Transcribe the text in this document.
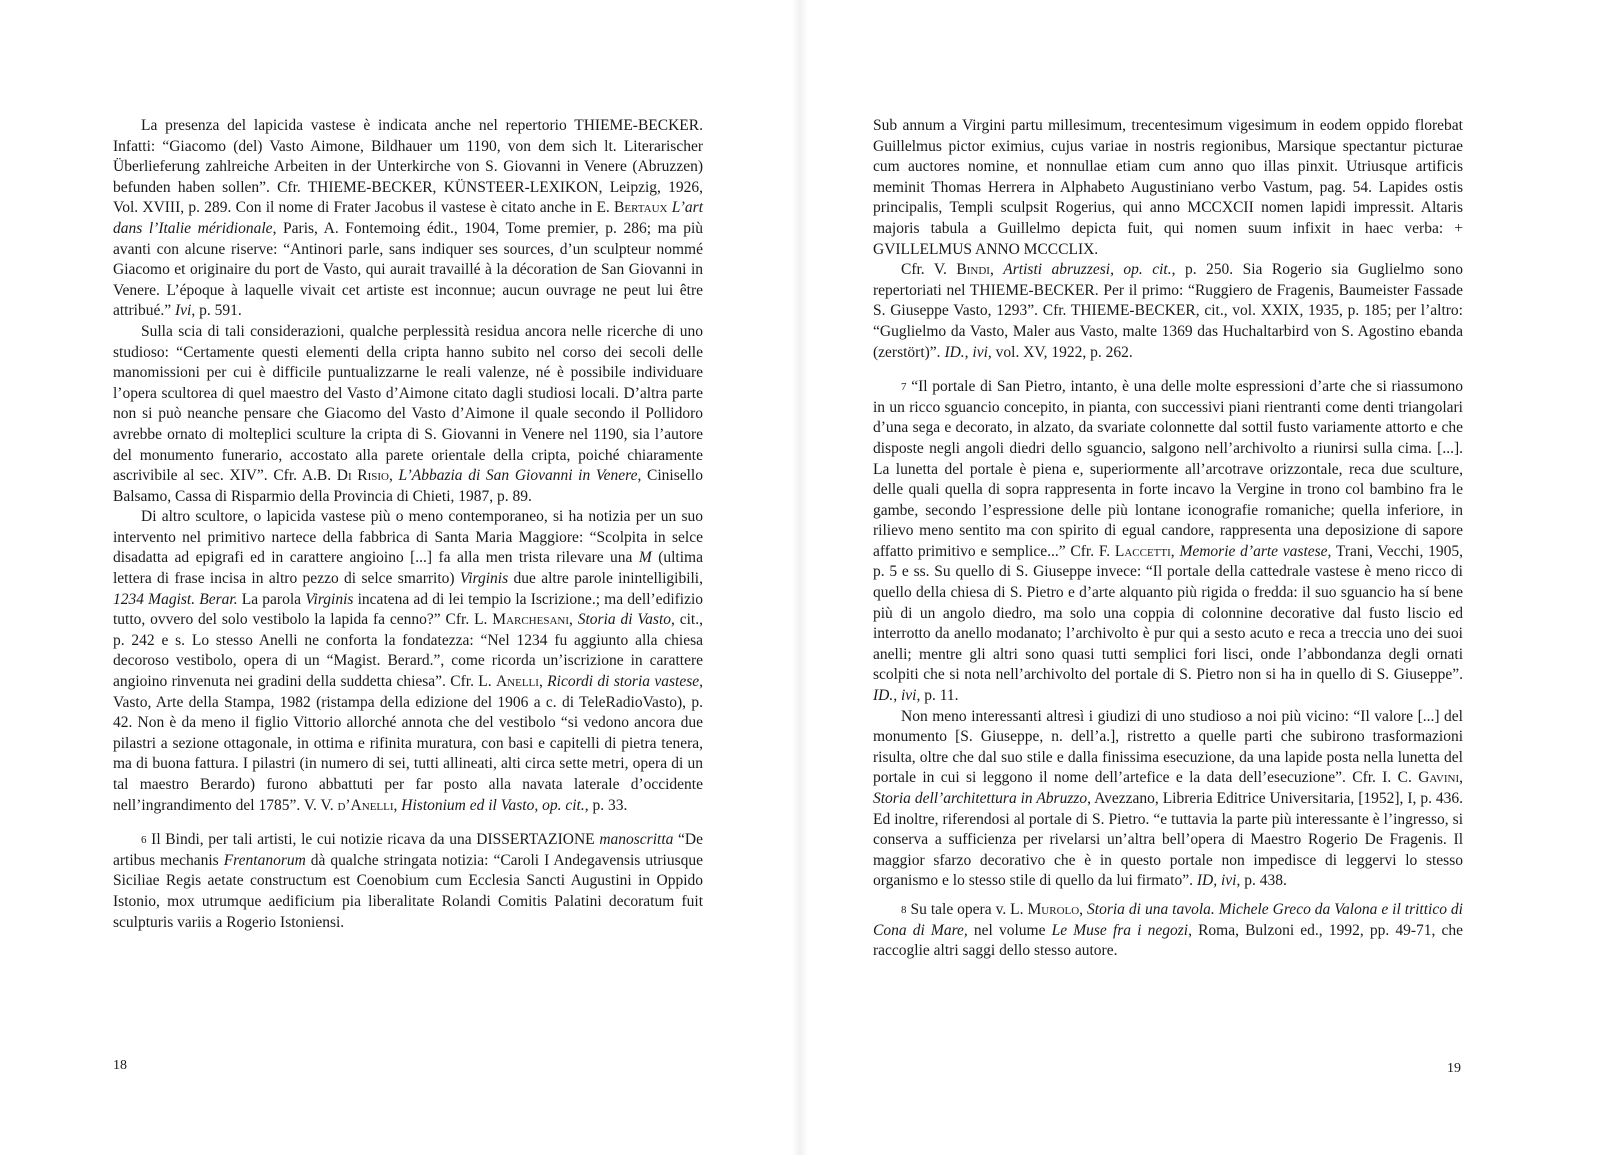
La presenza del lapicida vastese è indicata anche nel repertorio THIEME-BECKER. Infatti: “Giacomo (del) Vasto Aimone, Bildhauer um 1190, von dem sich lt. Literarischer Überlieferung zahlreiche Arbeiten in der Unterkirche von S. Giovanni in Venere (Abruzzen) befunden haben sollen”. Cfr. THIEME-BECKER, KÜNSTEER-LEXIKON, Leipzig, 1926, Vol. XVIII, p. 289. Con il nome di Frater Jacobus il vastese è citato anche in E. Bertaux L’art dans l’Italie méridionale, Paris, A. Fontemoing édit., 1904, Tome premier, p. 286; ma più avanti con alcune riserve: “Antinori parle, sans indiquer ses sources, d’un sculpteur nommé Giacomo et originaire du port de Vasto, qui aurait travaillé à la décoration de San Giovanni in Venere. L’époque à laquelle vivait cet artiste est inconnue; aucun ouvrage ne peut lui être attribué.” Ivi, p. 591.

Sulla scia di tali considerazioni, qualche perplessità residua ancora nelle ricerche di uno studioso: “Certamente questi elementi della cripta hanno subito nel corso dei secoli delle manomissioni per cui è difficile puntualizzarne le reali valenze, né è possibile individuare l’opera scultorea di quel maestro del Vasto d’Aimone citato dagli studiosi locali. D’altra parte non si può neanche pensare che Giacomo del Vasto d’Aimone il quale secondo il Pollidoro avrebbe ornato di molteplici sculture la cripta di S. Giovanni in Venere nel 1190, sia l’autore del monumento funerario, accostato alla parete orientale della cripta, poiché chiaramente ascrivibile al sec. XIV”. Cfr. A.B. Di Risio, L’Abbazia di San Giovanni in Venere, Cinisello Balsamo, Cassa di Risparmio della Provincia di Chieti, 1987, p. 89.

Di altro scultore, o lapicida vastese più o meno contemporaneo, si ha notizia per un suo intervento nel primitivo nartece della fabbrica di Santa Maria Maggiore: “Scolpita in selce disadatta ad epigrafi ed in carattere angioino [...] fa alla men trista rilevare una M (ultima lettera di frase incisa in altro pezzo di selce smarrito) Virginis due altre parole inintelligibili, 1234 Magist. Berar. La parola Virginis incatena ad di lei tempio la Iscrizione.; ma dell’edifizio tutto, ovvero del solo vestibolo la lapida fa cenno?” Cfr. L. Marchesani, Storia di Vasto, cit., p. 242 e s. Lo stesso Anelli ne conforta la fondatezza: “Nel 1234 fu aggiunto alla chiesa decoroso vestibolo, opera di un “Magist. Berard.”, come ricorda un’iscrizione in carattere angioino rinvenuta nei gradini della suddetta chiesa”. Cfr. L. Anelli, Ricordi di storia vastese, Vasto, Arte della Stampa, 1982 (ristampa della edizione del 1906 a c. di TeleRadioVasto), p. 42. Non è da meno il figlio Vittorio allorché annota che del vestibolo “si vedono ancora due pilastri a sezione ottagonale, in ottima e rifinita muratura, con basi e capitelli di pietra tenera, ma di buona fattura. I pilastri (in numero di sei, tutti allineati, alti circa sette metri, opera di un tal maestro Berardo) furono abbattuti per far posto alla navata laterale d’occidente nell’ingrandimento del 1785”. V. V. d’Anelli, Histonium ed il Vasto, op. cit., p. 33.

6 Il Bindi, per tali artisti, le cui notizie ricava da una DISSERTAZIONE manoscritta “De artibus mechanis Frentanorum dà qualche stringata notizia: “Caroli I Andegavensis utriusque Siciliae Regis aetate constructum est Coenobium cum Ecclesia Sancti Augustini in Oppido Istonio, mox utrumque aedificium pia liberalitate Rolandi Comitis Palatini decoratum fuit sculpturis variis a Rogerio Istoniensi.

18

Sub annum a Virgini partu millesimum, trecentesimum vigesimum in eodem oppido florebat Guillelmus pictor eximius, cujus variae in nostris regionibus, Marsique spectantur picturae cum auctores nomine, et nonnullae etiam cum anno quo illas pinxit. Utriusque artificis meminit Thomas Herrera in Alphabeto Augustiniano verbo Vastum, pag. 54. Lapides ostis principalis, Templi sculpsit Rogerius, qui anno MCCXCII nomen lapidi impressit. Altaris majoris tabula a Guillelmo depicta fuit, qui nomen suum infixit in haec verba: + GVILLELMUS ANNO MCCCLIX.

Cfr. V. Bindi, Artisti abruzzesi, op. cit., p. 250. Sia Rogerio sia Guglielmo sono repertoriati nel THIEME-BECKER. Per il primo: “Ruggiero de Fragenis, Baumeister Fassade S. Giuseppe Vasto, 1293”. Cfr. THIEME-BECKER, cit., vol. XXIX, 1935, p. 185; per l’altro: “Guglielmo da Vasto, Maler aus Vasto, malte 1369 das Huchaltarbird von S. Agostino ebanda (zerstört)”. ID., ivi, vol. XV, 1922, p. 262.

7 “Il portale di San Pietro, intanto, è una delle molte espressioni d’arte che si riassumono in un ricco sguancio concepito, in pianta, con successivi piani rientranti come denti triangolari d’una sega e decorato, in alzato, da svariate colonnette dal sottil fusto variamente attorto e che disposte negli angoli diedri dello sguancio, salgono nell’archivolto a riunirsi sulla cima. [...]. La lunetta del portale è piena e, superiormente all’arcotrave orizzontale, reca due sculture, delle quali quella di sopra rappresenta in forte incavo la Vergine in trono col bambino fra le gambe, secondo l’espressione delle più lontane iconografie romaniche; quella inferiore, in rilievo meno sentito ma con spirito di egual candore, rappresenta una deposizione di sapore affatto primitivo e semplice...” Cfr. F. Laccetti, Memorie d’arte vastese, Trani, Vecchi, 1905, p. 5 e ss. Su quello di S. Giuseppe invece: “Il portale della cattedrale vastese è meno ricco di quello della chiesa di S. Pietro e d’arte alquanto più rigida o fredda: il suo sguancio ha sí bene più di un angolo diedro, ma solo una coppia di colonnine decorative dal fusto liscio ed interrotto da anello modanato; l’archivolto è pur qui a sesto acuto e reca a treccia uno dei suoi anelli; mentre gli altri sono quasi tutti semplici fori lisci, onde l’abbondanza degli ornati scolpiti che si nota nell’archivolto del portale di S. Pietro non si ha in quello di S. Giuseppe”. ID., ivi, p. 11.

Non meno interessanti altresì i giudizi di uno studioso a noi più vicino: “Il valore [...] del monumento [S. Giuseppe, n. dell’a.], ristretto a quelle parti che subirono trasformazioni risulta, oltre che dal suo stile e dalla finissima esecuzione, da una lapide posta nella lunetta del portale in cui si leggono il nome dell’artefice e la data dell’esecuzione”. Cfr. I. C. Gavini, Storia dell’architettura in Abruzzo, Avezzano, Libreria Editrice Universitaria, [1952], I, p. 436. Ed inoltre, riferendosi al portale di S. Pietro. “e tuttavia la parte più interessante è l’ingresso, si conserva a sufficienza per rivelarsi un’altra bell’opera di Maestro Rogerio De Fragenis. Il maggior sfarzo decorativo che è in questo portale non impedisce di leggervi lo stesso organismo e lo stesso stile di quello da lui firmato”. ID, ivi, p. 438.

8 Su tale opera v. L. Murolo, Storia di una tavola. Michele Greco da Valona e il trittico di Cona di Mare, nel volume Le Muse fra i negozi, Roma, Bulzoni ed., 1992, pp. 49-71, che raccoglie altri saggi dello stesso autore.

19
